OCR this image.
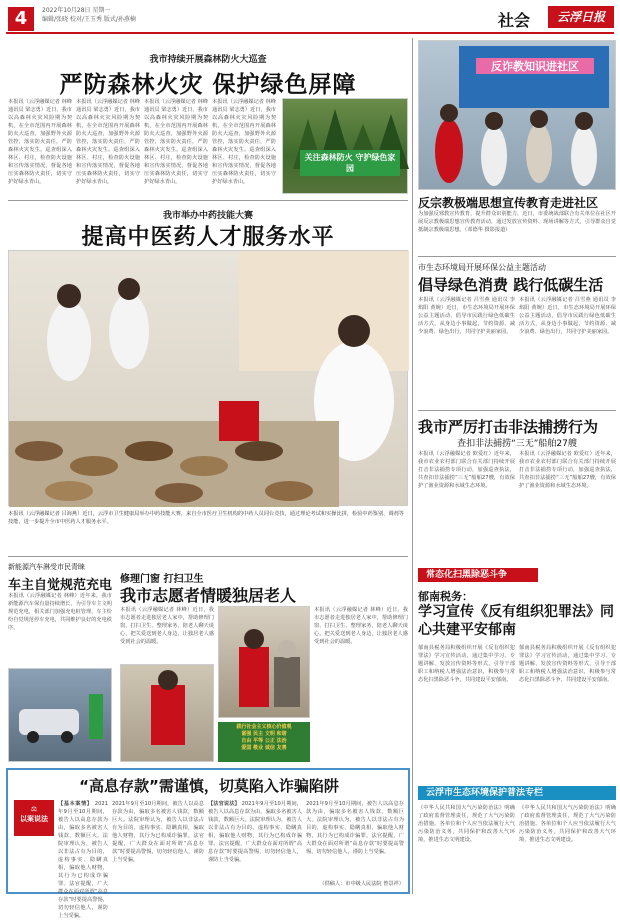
4	2022年10月28日 星期一
编辑/张晓 校对/王玉秀 版式/孙燕楠	社会	云浮日报
我市持续开展森林防火大巡查
严防森林火灾 保护绿色屏障
本报讯（云浮融媒记者 林峰 通讯员 梁志勇）近日，我市以高森林火灾风险期为契机，在全市范围内开展森林防火大巡查，加强野外火源管控，落实防火责任，严防森林火灾发生。巡查组深入林区、村庄，检查防火设施和宣传落实情况，督促各地压实森林防火责任，切实守护好绿水青山。
本报讯（云浮融媒记者 林峰 通讯员 梁志勇）近日，我市以高森林火灾风险期为契机，在全市范围内开展森林防火大巡查，加强野外火源管控，落实防火责任，严防森林火灾发生。巡查组深入林区、村庄，检查防火设施和宣传落实情况，督促各地压实森林防火责任，切实守护好绿水青山。
本报讯（云浮融媒记者 林峰 通讯员 梁志勇）近日，我市以高森林火灾风险期为契机，在全市范围内开展森林防火大巡查，加强野外火源管控，落实防火责任，严防森林火灾发生。巡查组深入林区、村庄，检查防火设施和宣传落实情况，督促各地压实森林防火责任，切实守护好绿水青山。
本报讯（云浮融媒记者 林峰 通讯员 梁志勇）近日，我市以高森林火灾风险期为契机，在全市范围内开展森林防火大巡查，加强野外火源管控，落实防火责任，严防森林火灾发生。巡查组深入林区、村庄，检查防火设施和宣传落实情况，督促各地压实森林防火责任，切实守护好绿水青山。
关注森林防火 守护绿色家园
我市举办中药技能大赛
提高中医药人才服务水平
本报讯（云浮融媒记者 吕海燕）近日，云浮市卫生健康局举办中药技能大赛，来自全市医疗卫生机构的中药人员同台竞技，通过理论考试和实操比拼，检验中药鉴别、调剂等技能，进一步提升全市中医药人才服务水平。
新能源汽车淋受市民青睐
车主自觉规范充电
本报讯（云浮融媒记者 林峰）近年来，我市新能源汽车保有量持续增长，为引导车主文明规范充电，相关部门加强充电桩管理，车主纷纷自觉规范停车充电，共同维护良好的充电秩序。
修理门窗 打扫卫生
我市志愿者情暖独居老人
本报讯（云浮融媒记者 林峰）近日，我市志愿者走进独居老人家中，帮助修理门窗、打扫卫生、整理家务，陪老人聊天谈心，把关爱送到老人身边，让独居老人感受到社会的温暖。
践行社会主义核心价值观
富强 民主 文明 和谐
自由 平等 公正 法治
爱国 敬业 诚信 友善
本报讯（云浮融媒记者 林峰）近日，我市志愿者走进独居老人家中，帮助修理门窗、打扫卫生、整理家务，陪老人聊天谈心，把关爱送到老人身边，让独居老人感受到社会的温暖。
“高息存款”需谨慎，切莫陷入诈骗陷阱
⚖
以案说法
【基本案情】 2021年9月至10月期间，被告人以高息存款为由，骗取多名被害人钱款，数额巨大。法院审理认为，被告人以非法占有为目的，虚构事实、隐瞒真相，骗取他人财物，其行为已构成诈骗罪。法官提醒，广大群众在面对所谓“高息存款”时要提高警惕，切勿轻信他人，谨防上当受骗。
2021年9月至10月期间，被告人以高息存款为由，骗取多名被害人钱款，数额巨大。法院审理认为，被告人以非法占有为目的，虚构事实、隐瞒真相，骗取他人财物，其行为已构成诈骗罪。法官提醒，广大群众在面对所谓“高息存款”时要提高警惕，切勿轻信他人，谨防上当受骗。
【法官说法】 2021年9月至10月期间，被告人以高息存款为由，骗取多名被害人钱款，数额巨大。法院审理认为，被告人以非法占有为目的，虚构事实、隐瞒真相，骗取他人财物，其行为已构成诈骗罪。法官提醒，广大群众在面对所谓“高息存款”时要提高警惕，切勿轻信他人，谨防上当受骗。
2021年9月至10月期间，被告人以高息存款为由，骗取多名被害人钱款，数额巨大。法院审理认为，被告人以非法占有为目的，虚构事实、隐瞒真相，骗取他人财物，其行为已构成诈骗罪。法官提醒，广大群众在面对所谓“高息存款”时要提高警惕，切勿轻信他人，谨防上当受骗。
（供稿人：市中级人民法院 曾景祥）
反诈教知识进社区
反宗教极端思想宣传教育走进社区
为加强反邪教宣传教育，提升群众识别能力，近日，市委统战部联合有关单位在社区开展反宗教极端思想宣传教育活动，通过发放宣传资料、现场讲解等方式，引导群众自觉抵制宗教极端思想。（邓德华 摄影报道）
市生态环境局开展环保公益主题活动
倡导绿色消费 践行低碳生活
本报讯（云浮融媒记者 吕雪燕 通讯员 李焰阳 黄婉）近日，市生态环境局开展环保公益主题活动，倡导市民践行绿色低碳生活方式，从身边小事做起，节约资源、减少浪费、绿色出行，共同守护美丽家园。
本报讯（云浮融媒记者 吕雪燕 通讯员 李焰阳 黄婉）近日，市生态环境局开展环保公益主题活动，倡导市民践行绿色低碳生活方式，从身边小事做起，节约资源、减少浪费、绿色出行，共同守护美丽家园。
我市严厉打击非法捕捞行为
查扣非法捕捞“三无”船舶27艘
本报讯（云浮融媒记者 欧爱红）近年来，我市农业农村部门联合有关部门持续开展打击非法捕捞专项行动，加强巡查执法，共查扣非法捕捞“三无”船舶27艘，有效保护了渔业资源和水域生态环境。
本报讯（云浮融媒记者 欧爱红）近年来，我市农业农村部门联合有关部门持续开展打击非法捕捞专项行动，加强巡查执法，共查扣非法捕捞“三无”船舶27艘，有效保护了渔业资源和水域生态环境。
常态化扫黑除恶斗争
郁南税务：
学习宣传《反有组织犯罪法》同心共建平安郁南
郁南县税务局积极组织开展《反有组织犯罪法》学习宣传活动，通过集中学习、专题讲解、发放宣传资料等形式，引导干部职工和纳税人增强法治意识，积极参与常态化扫黑除恶斗争，共同建设平安郁南。
郁南县税务局积极组织开展《反有组织犯罪法》学习宣传活动，通过集中学习、专题讲解、发放宣传资料等形式，引导干部职工和纳税人增强法治意识，积极参与常态化扫黑除恶斗争，共同建设平安郁南。
云浮市生态环境保护普法专栏
《中华人民共和国大气污染防治法》明确了政府监督管理责任，规范了大气污染防治措施。各单位和个人应当依法履行大气污染防治义务，共同保护和改善大气环境，推进生态文明建设。
《中华人民共和国大气污染防治法》明确了政府监督管理责任，规范了大气污染防治措施。各单位和个人应当依法履行大气污染防治义务，共同保护和改善大气环境，推进生态文明建设。
